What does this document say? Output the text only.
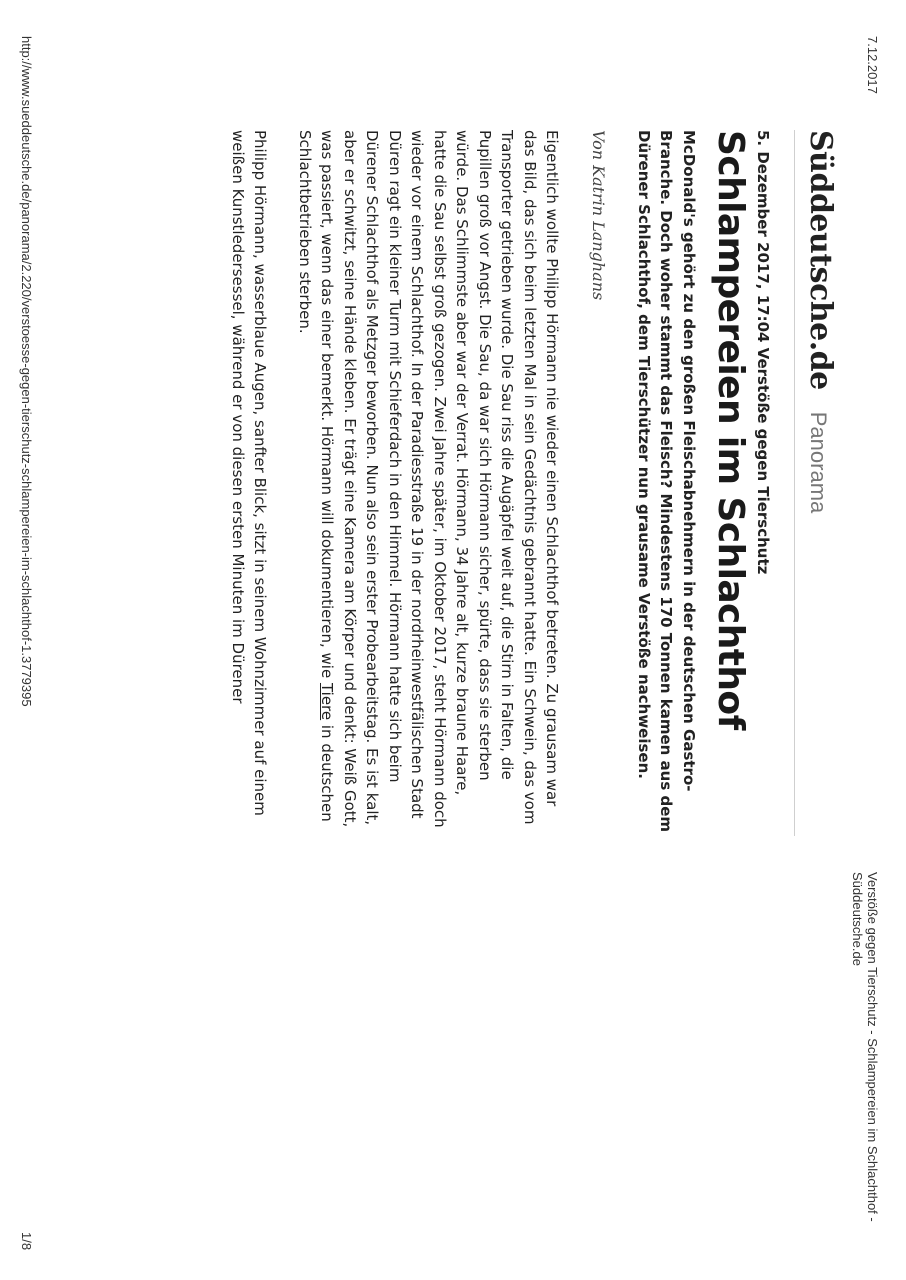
7.12.2017
Verstöße gegen Tierschutz - Schlampereien im Schlachthof - Süddeutsche.de
Süddeutsche.de
Panorama
5. Dezember 2017, 17:04 Verstöße gegen Tierschutz
Schlampereien im Schlachthof
McDonald's gehört zu den großen Fleischabnehmern in der deutschen Gastro-Branche. Doch woher stammt das Fleisch? Mindestens 170 Tonnen kamen aus dem Dürener Schlachthof, dem Tierschützer nun grausame Verstöße nachweisen.
Von Katrin Langhans
Eigentlich wollte Philipp Hörmann nie wieder einen Schlachthof betreten. Zu grausam war das Bild, das sich beim letzten Mal in sein Gedächtnis gebrannt hatte. Ein Schwein, das vom Transporter getrieben wurde. Die Sau riss die Augäpfel weit auf, die Stirn in Falten, die Pupillen groß vor Angst. Die Sau, da war sich Hörmann sicher, spürte, dass sie sterben würde. Das Schlimmste aber war der Verrat. Hörmann, 34 Jahre alt, kurze braune Haare, hatte die Sau selbst groß gezogen. Zwei Jahre später, im Oktober 2017, steht Hörmann doch wieder vor einem Schlachthof. In der Paradiesstraße 19 in der nordrheinwestfälischen Stadt Düren ragt ein kleiner Turm mit Schieferdach in den Himmel. Hörmann hatte sich beim Dürener Schlachthof als Metzger beworben. Nun also sein erster Probearbeitstag. Es ist kalt, aber er schwitzt, seine Hände kleben. Er trägt eine Kamera am Körper und denkt: Weiß Gott, was passiert, wenn das einer bemerkt. Hörmann will dokumentieren, wie Tiere in deutschen Schlachtbetrieben sterben.
Philipp Hörmann, wasserblaue Augen, sanfter Blick, sitzt in seinem Wohnzimmer auf einem weißen Kunstledersessel, während er von diesen ersten Minuten im Dürener
http://www.sueddeutsche.de/panorama/2.220/verstoesse-gegen-tierschutz-schlampereien-im-schlachthof-1.3779395
1/8
